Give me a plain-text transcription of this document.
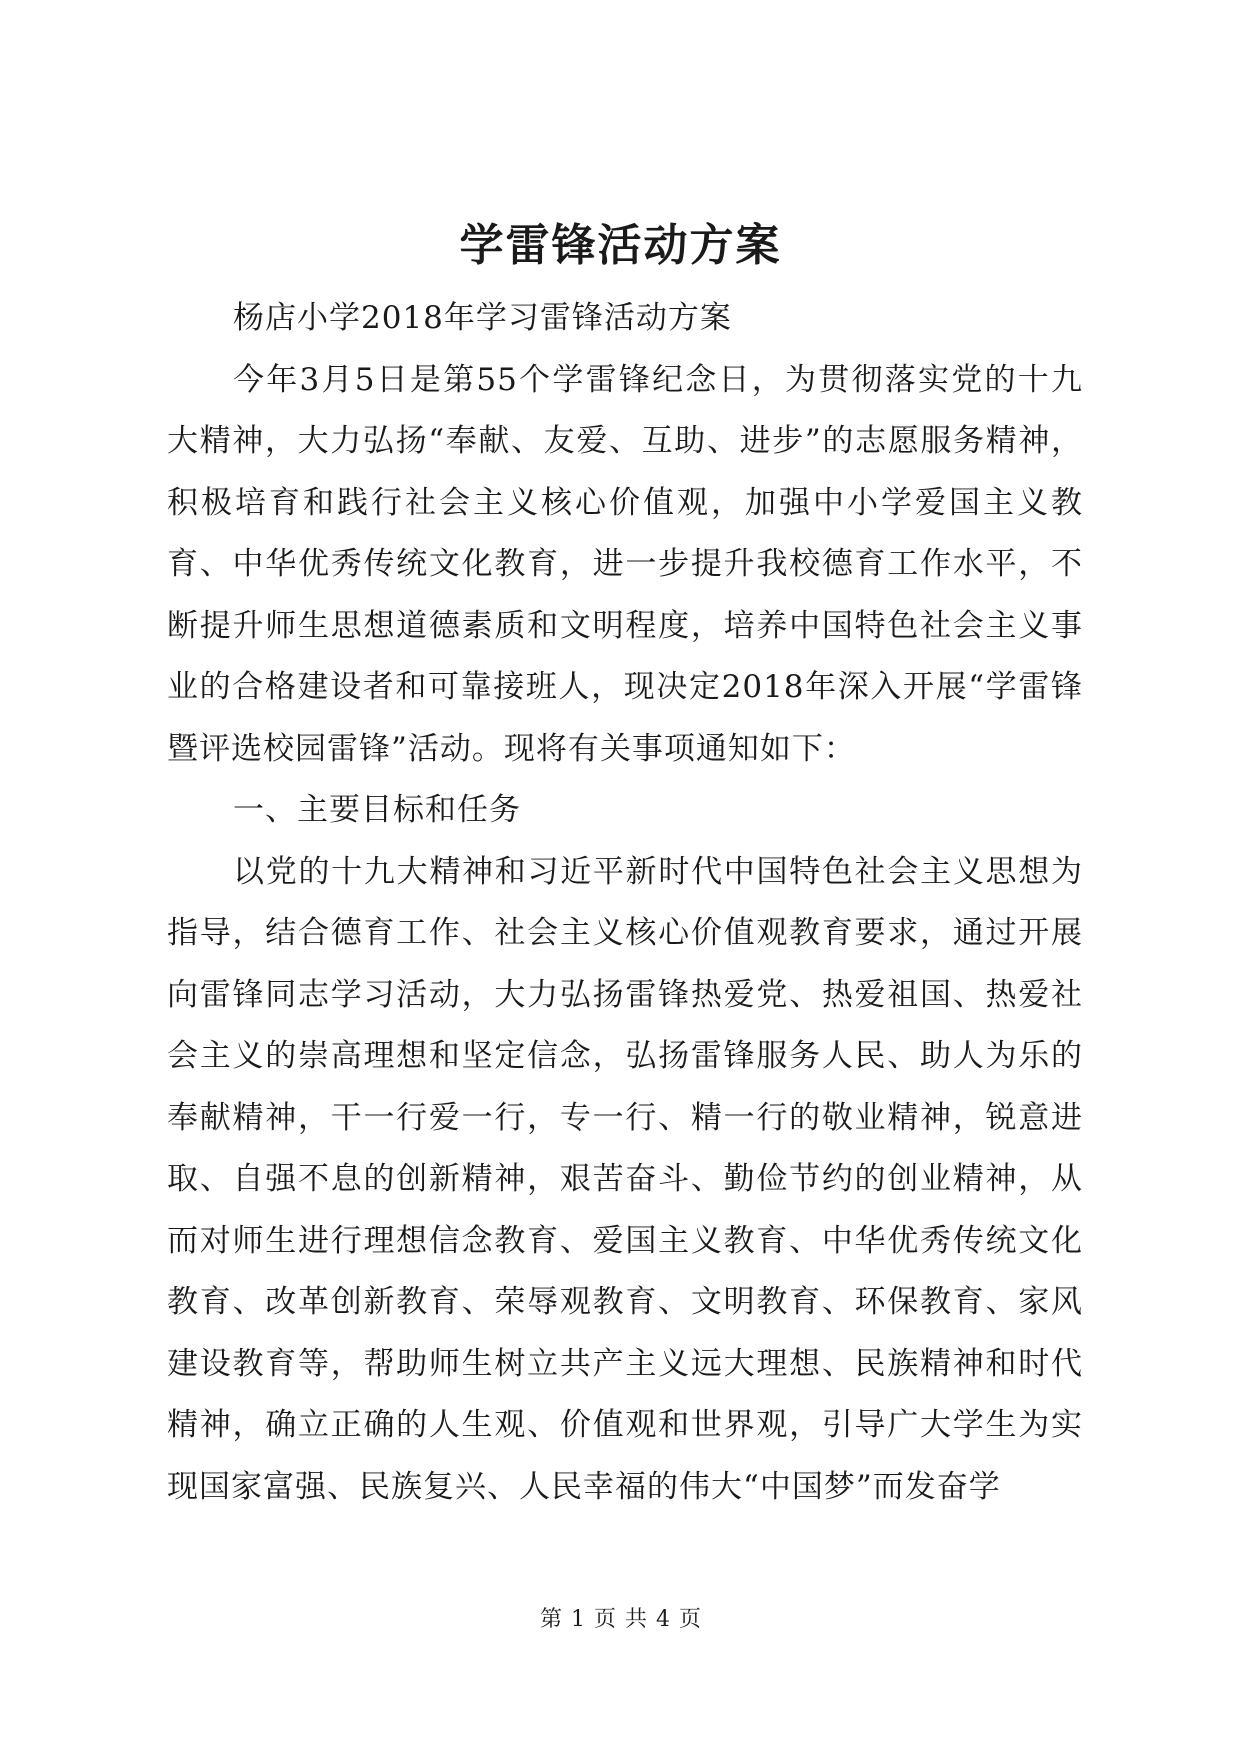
学雷锋活动方案

杨店小学2018年学习雷锋活动方案

今年3月5日是第55个学雷锋纪念日，为贯彻落实党的十九大精神，大力弘扬“奉献、友爱、互助、进步”的志愿服务精神，积极培育和践行社会主义核心价值观，加强中小学爱国主义教育、中华优秀传统文化教育，进一步提升我校德育工作水平，不断提升师生思想道德素质和文明程度，培养中国特色社会主义事业的合格建设者和可靠接班人，现决定2018年深入开展“学雷锋暨评选校园雷锋”活动。现将有关事项通知如下：

一、主要目标和任务

以党的十九大精神和习近平新时代中国特色社会主义思想为指导，结合德育工作、社会主义核心价值观教育要求，通过开展向雷锋同志学习活动，大力弘扬雷锋热爱党、热爱祖国、热爱社会主义的崇高理想和坚定信念，弘扬雷锋服务人民、助人为乐的奉献精神，干一行爱一行，专一行、精一行的敬业精神，锐意进取、自强不息的创新精神，艰苦奋斗、勤俭节约的创业精神，从而对师生进行理想信念教育、爱国主义教育、中华优秀传统文化教育、改革创新教育、荣辱观教育、文明教育、环保教育、家风建设教育等，帮助师生树立共产主义远大理想、民族精神和时代精神，确立正确的人生观、价值观和世界观，引导广大学生为实现国家富强、民族复兴、人民幸福的伟大“中国梦”而发奋学

第 1 页 共 4 页
